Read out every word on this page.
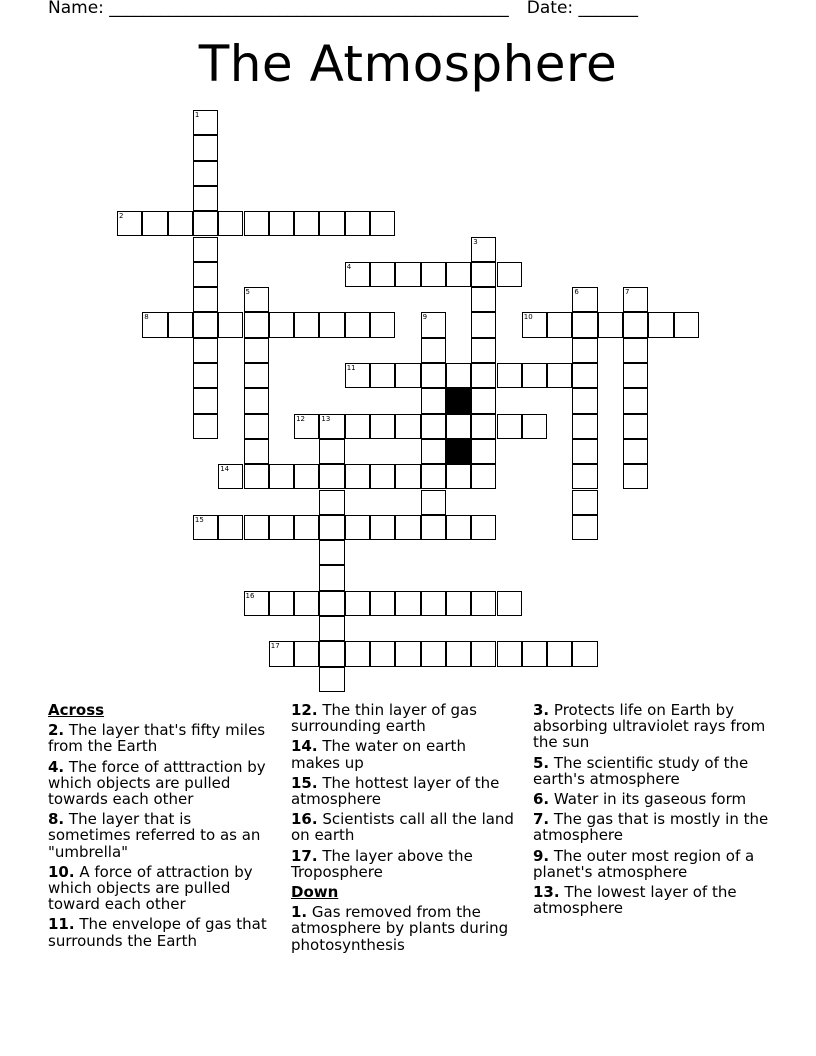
Name: _______________________________________________ Date: _______
The Atmosphere
1
2
3
4
5	6	7
8	9	10
11
12 13
14
15
16
17
Across
2. The layer that's fifty miles from the Earth
4. The force of atttraction by which objects are pulled towards each other
8. The layer that is sometimes referred to as an "umbrella"
10. A force of attraction by which objects are pulled toward each other
11. The envelope of gas that surrounds the Earth
12. The thin layer of gas surrounding earth
14. The water on earth makes up
15. The hottest layer of the atmosphere
16. Scientists call all the land on earth
17. The layer above the Troposphere
Down
1. Gas removed from the atmosphere by plants during photosynthesis
3. Protects life on Earth by absorbing ultraviolet rays from the sun
5. The scientific study of the earth's atmosphere
6. Water in its gaseous form
7. The gas that is mostly in the atmosphere
9. The outer most region of a planet's atmosphere
13. The lowest layer of the atmosphere
